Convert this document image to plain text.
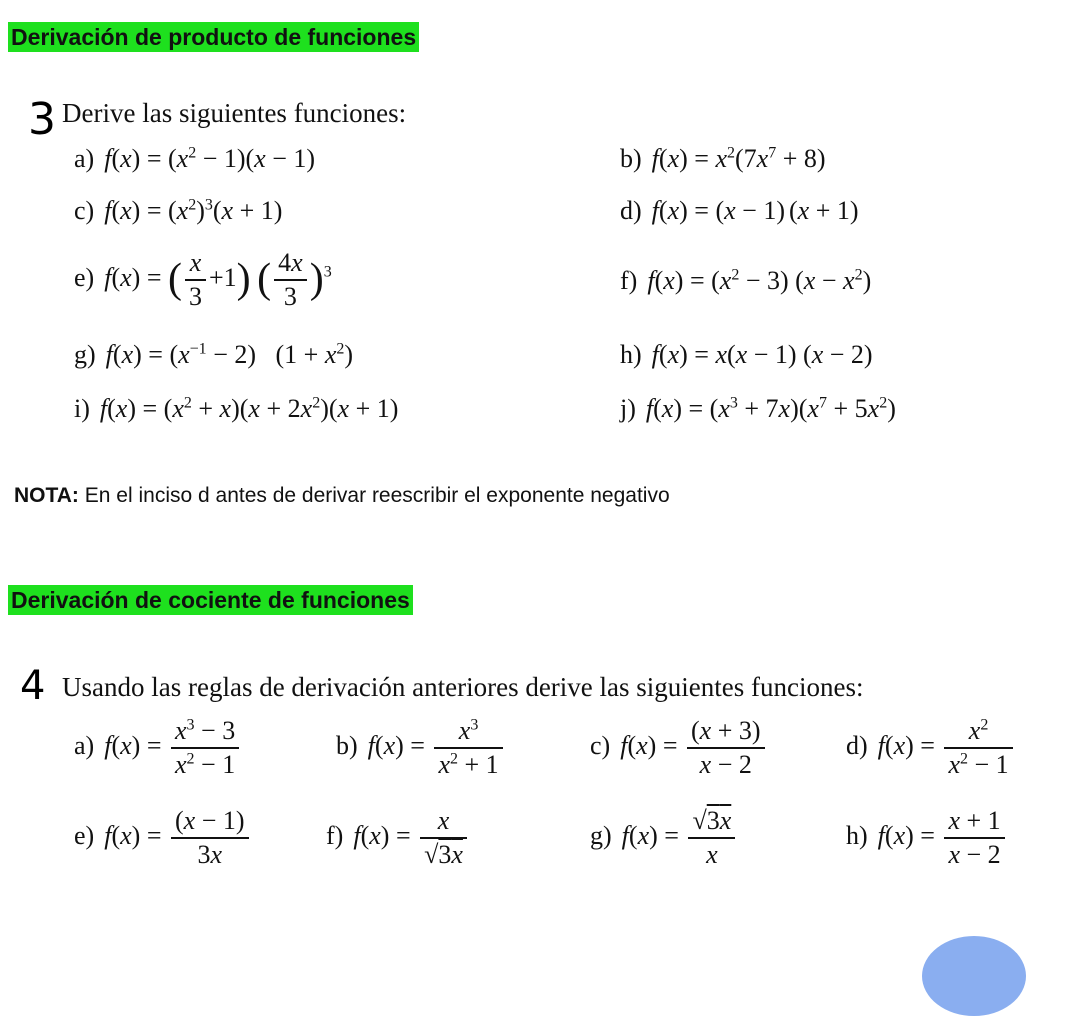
Derivación de producto de funciones
3 Derive las siguientes funciones:
a) $f(x) = (x^2 - 1)(x - 1)$	b) $f(x) = x^2(7x^7 + 8)$
c) $f(x) = (x^2)^3(x + 1)$	d) f(x) = (x − 1) (x + 1)
e) f(x) = ( $\frac{x}{3} +1$) ( $\frac{4x}{3} )^3$	f) $f(x) = (x^2 - 3) (x - x^2)$
g) $f(x) = (x^{-1} - 2) (1 + x^2)$	h) f(x) = x(x − 1) (x − 2)
i) $f(x) = (x^2 + x)(x + 2x^2)(x + 1)$	j) $f(x) = (x^3 + 7x)(x^7 + 5x^2)$
NOTA: En el inciso d antes de derivar reescribir el exponente negativo
Derivación de cociente de funciones
4 Usando las reglas de derivación anteriores derive las siguientes funciones:
a) $f(x) = \frac{x^3 - 3}{x^2 - 1}$	b) $f(x) = \frac{x^3}{x^2 + 1}$	c) $f(x) = \frac{(x + 3)}{x - 2}$	d) $f(x) = \frac{x^2}{x^2 - 1}$
e) $f(x) = \frac{(x - 1)}{3x}$	f) $f(x) = \frac{x}{√3x}$	g) $f(x) = \frac{√3x}{x}$	h) $f(x) = \frac{x + 1}{x - 2}$
